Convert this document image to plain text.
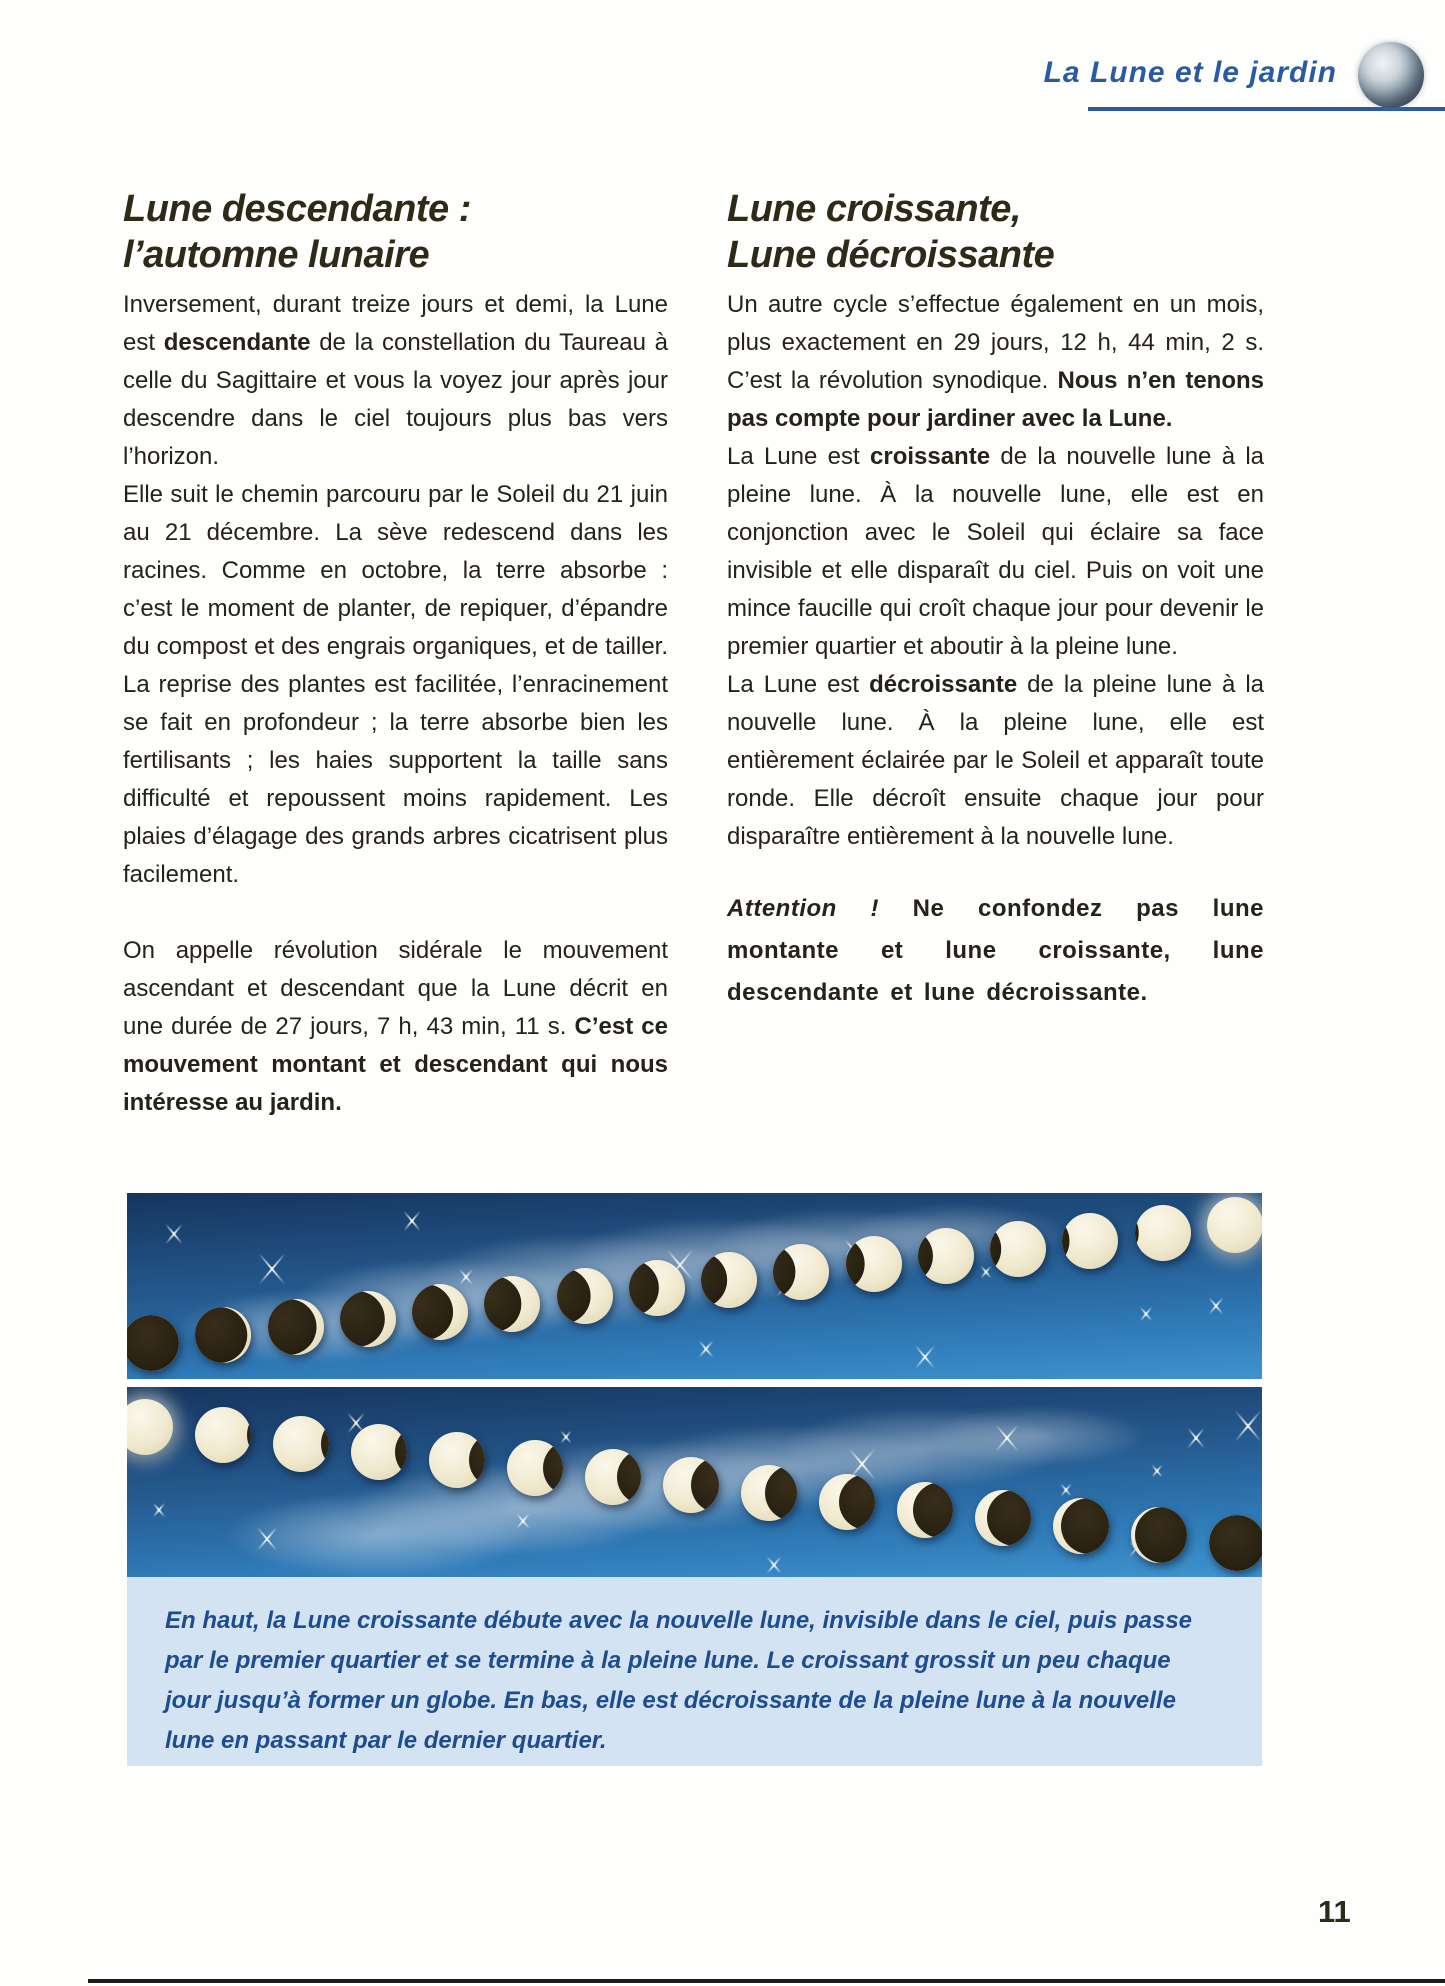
La Lune et le jardin
Lune descendante :
l’automne lunaire

Inversement, durant treize jours et demi, la Lune est descendante de la constellation du Taureau à celle du Sagittaire et vous la voyez jour après jour descendre dans le ciel toujours plus bas vers l’horizon.

Elle suit le chemin parcouru par le Soleil du 21 juin au 21 décembre. La sève redescend dans les racines. Comme en octobre, la terre absorbe : c’est le moment de planter, de repiquer, d’épandre du compost et des engrais organiques, et de tailler. La reprise des plantes est facilitée, l’enracinement se fait en profondeur ; la terre absorbe bien les fertilisants ; les haies supportent la taille sans difficulté et repoussent moins rapidement. Les plaies d’élagage des grands arbres cicatrisent plus facilement.

On appelle révolution sidérale le mouvement ascendant et descendant que la Lune décrit en une durée de 27 jours, 7 h, 43 min, 11 s. C’est ce mouvement montant et descendant qui nous intéresse au jardin.

Lune croissante,
Lune décroissante

Un autre cycle s’effectue également en un mois, plus exactement en 29 jours, 12 h, 44 min, 2 s. C’est la révolution synodique. Nous n’en tenons pas compte pour jardiner avec la Lune.

La Lune est croissante de la nouvelle lune à la pleine lune. À la nouvelle lune, elle est en conjonction avec le Soleil qui éclaire sa face invisible et elle disparaît du ciel. Puis on voit une mince faucille qui croît chaque jour pour devenir le premier quartier et aboutir à la pleine lune.

La Lune est décroissante de la pleine lune à la nouvelle lune. À la pleine lune, elle est entièrement éclairée par le Soleil et apparaît toute ronde. Elle décroît ensuite chaque jour pour disparaître entièrement à la nouvelle lune.

Attention ! Ne confondez pas lune montante et lune croissante, lune descendante et lune décroissante.

En haut, la Lune croissante débute avec la nouvelle lune, invisible dans le ciel, puis passe par le premier quartier et se termine à la pleine lune. Le croissant grossit un peu chaque jour jusqu’à former un globe. En bas, elle est décroissante de la pleine lune à la nouvelle lune en passant par le dernier quartier.
11
